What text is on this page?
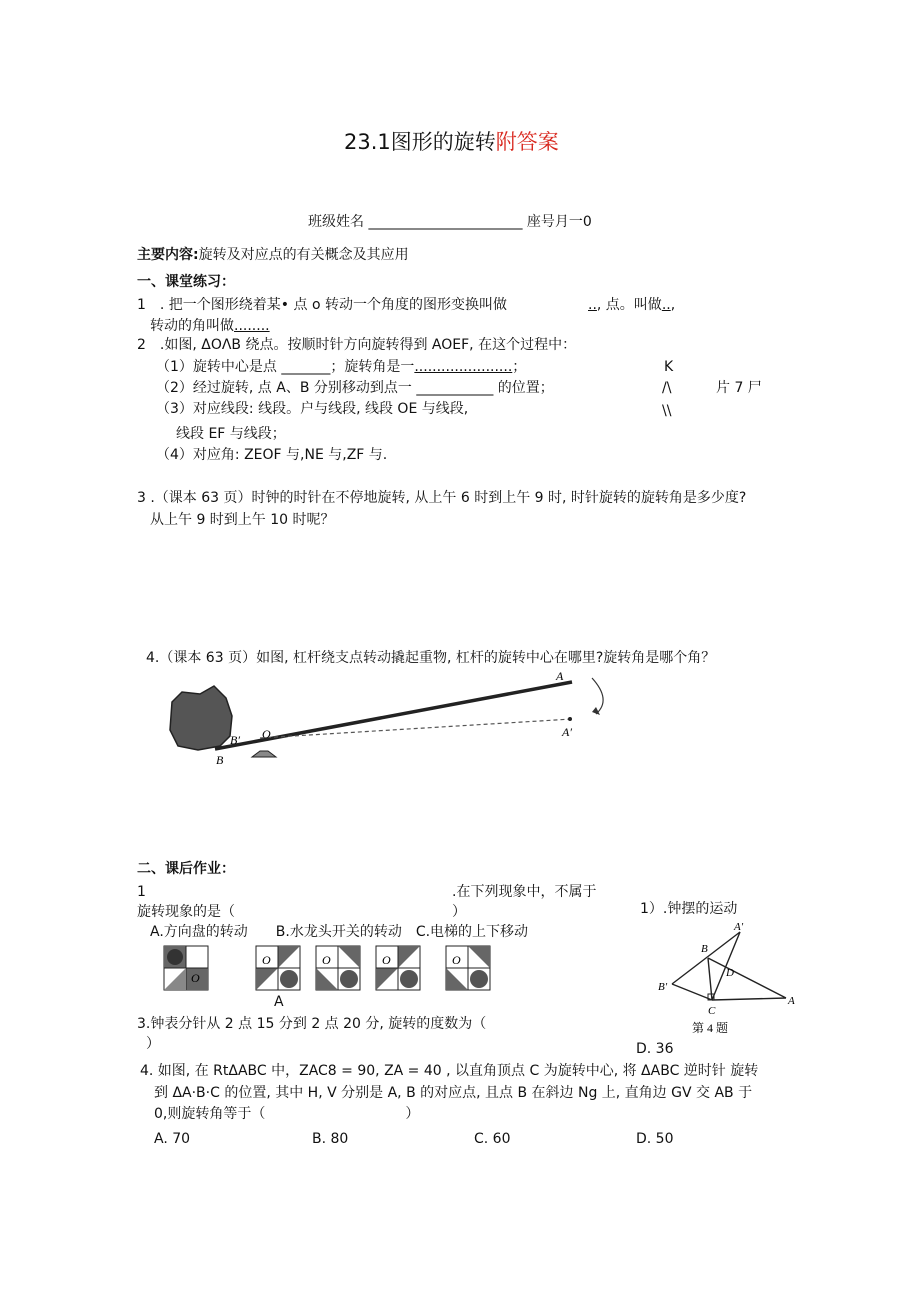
23.1图形的旋转附答案
班级姓名 ______________________ 座号月一0
主要内容:旋转及对应点的有关概念及其应用
一、课堂练习：
1　. 把一个图形绕着某• 点 o 转动一个角度的图形变换叫做	.., 点。叫做..,
转动的角叫做........
2　.如图, ΔOΛB 绕点。按顺时针方向旋转得到 AOEF, 在这个过程中：
（1）旋转中心是点 _______；旋转角是一......................；
（2）经过旋转, 点 A、B 分别移动到点一 ___________ 的位置；
（3）对应线段: 线段。户与线段, 线段 OE 与线段,
线段 EF 与线段；
（4）对应角: ZEOF 与,NE 与,ZF 与.
K
/\	片 7 尸
\\
3 .（课本 63 页）时钟的时针在不停地旋转, 从上午 6 时到上午 9 时, 时针旋转的旋转角是多少度?
从上午 9 时到上午 10 时呢？
4.（课本 63 页）如图, 杠杆绕支点转动撬起重物, 杠杆的旋转中心在哪里?旋转角是哪个角？
A
B′ O	A′
B
二、课后作业：
1	.在下列现象中，不属于
旋转现象的是（	）	1）.钟摆的运动
A.方向盘的转动　　B.水龙头开关的转动　C.电梯的上下移动
O
O	O	O	O
A
A′
B
D
B′
C
A
第 4 题
3.钟表分针从 2 点 15 分到 2 点 20 分, 旋转的度数为（
）	D. 36
4. 如图, 在 RtΔABC 中，ZAC8 = 90, ZA = 40 , 以直角顶点 C 为旋转中心, 将 ΔABC 逆时针 旋转
到 ΔA·B·C 的位置, 其中 H, V 分别是 A, B 的对应点, 且点 B 在斜边 Ng 上, 直角边 GV 交 AB 于
0,则旋转角等于（　　　　　　　　　　）
A. 70	B. 80	C. 60	D. 50
